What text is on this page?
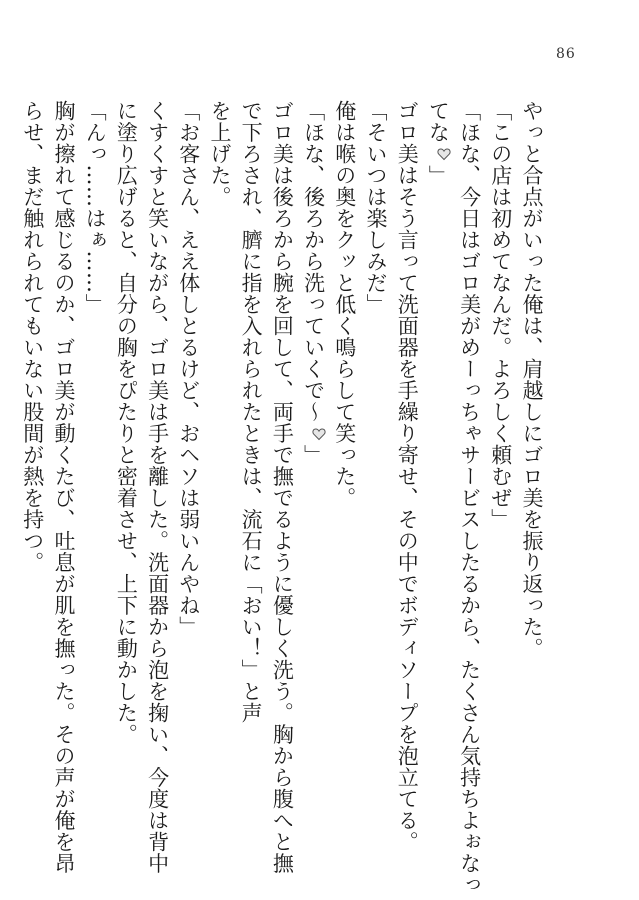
86
やっと合点がいった俺は、肩越しにゴロ美を振り返った。
「この店は初めてなんだ。よろしく頼むぜ」
「ほな、今日はゴロ美がめーっちゃサービスしたるから、たくさん気持ちよぉなっ
てな
」
ゴロ美はそう言って洗面器を手繰り寄せ、その中でボディソープを泡立てる。
「そいつは楽しみだ」
俺は喉の奥をクッと低く鳴らして笑った。
「ほな、後ろから洗っていくで〜
」
ゴロ美は後ろから腕を回して、両手で撫でるように優しく洗う。胸から腹へと撫
で下ろされ、臍に指を入れられたときは、流石に「おい！」と声
を上げた。
「お客さん、ええ体しとるけど、おヘソは弱いんやね」
くすくすと笑いながら、ゴロ美は手を離した。洗面器から泡を掬い、今度は背中
に塗り広げると、自分の胸をぴたりと密着させ、上下に動かした。
「んっ……はぁ……」
胸が擦れて感じるのか、ゴロ美が動くたび、吐息が肌を撫った。その声が俺を昂
らせ、まだ触れられてもいない股間が熱を持つ。
